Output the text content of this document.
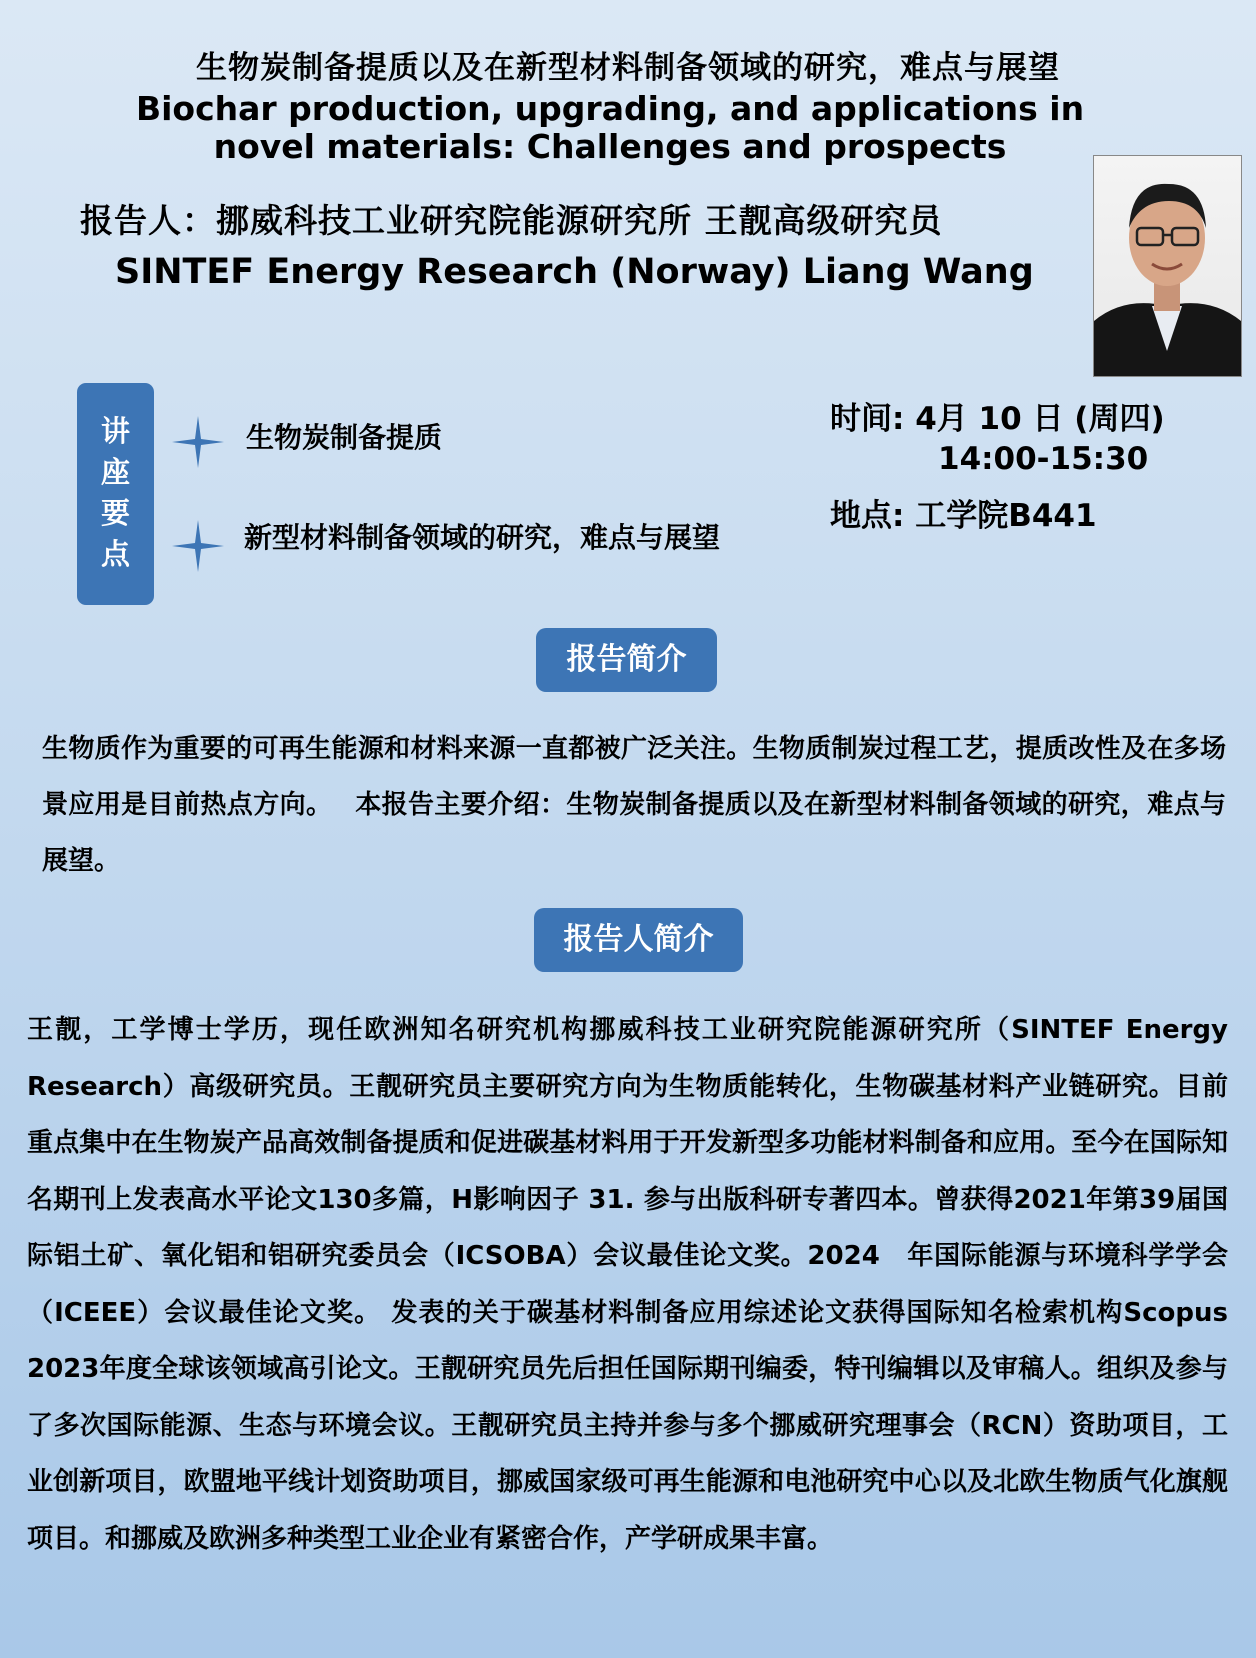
生物炭制备提质以及在新型材料制备领域的研究，难点与展望
Biochar production, upgrading, and applications in novel materials: Challenges and prospects
报告人：挪威科技工业研究院能源研究所 王靓高级研究员
SINTEF Energy Research (Norway) Liang Wang
讲
座
要
点
生物炭制备提质
新型材料制备领域的研究，难点与展望
时间: 4月 10 日 (周四)
14:00-15:30
地点: 工学院B441
报告简介
生物质作为重要的可再生能源和材料来源一直都被广泛关注。生物质制炭过程工艺，提质改性及在多场景应用是目前热点方向。　 本报告主要介绍：生物炭制备提质以及在新型材料制备领域的研究，难点与展望。
报告人简介
王靓，工学博士学历，现任欧洲知名研究机构挪威科技工业研究院能源研究所（SINTEF Energy　Research）高级研究员。王靓研究员主要研究方向为生物质能转化，生物碳基材料产业链研究。目前重点集中在生物炭产品高效制备提质和促进碳基材料用于开发新型多功能材料制备和应用。至今在国际知名期刊上发表高水平论文130多篇，H影响因子 31. 参与出版科研专著四本。曾获得2021年第39届国际铝土矿、氧化铝和铝研究委员会（ICSOBA）会议最佳论文奖。2024　年国际能源与环境科学学会（ICEEE）会议最佳论文奖。 发表的关于碳基材料制备应用综述论文获得国际知名检索机构Scopus　2023年度全球该领域高引论文。王靓研究员先后担任国际期刊编委，特刊编辑以及审稿人。组织及参与了多次国际能源、生态与环境会议。王靓研究员主持并参与多个挪威研究理事会（RCN）资助项目，工业创新项目，欧盟地平线计划资助项目，挪威国家级可再生能源和电池研究中心以及北欧生物质气化旗舰项目。和挪威及欧洲多种类型工业企业有紧密合作，产学研成果丰富。
